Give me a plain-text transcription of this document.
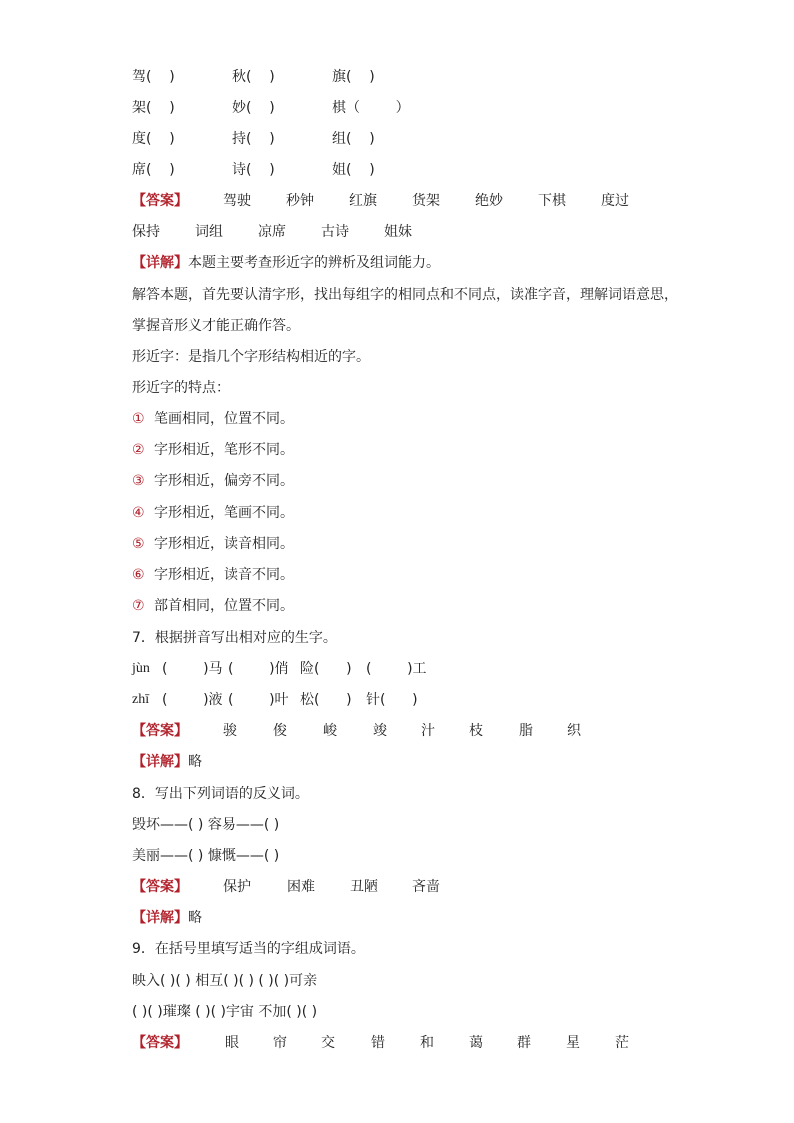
驾(    )	秋(    )	旗(    )
架(    )	妙(    )	棋（        ）
度(    )	持(    )	组(    )
席(    )	诗(    )	姐(    )
【答案】	驾驶	秒钟	红旗	货架	绝妙	下棋	度过
保持	词组	凉席	古诗	姐妹
【详解】本题主要考查形近字的辨析及组词能力。
解答本题，首先要认清字形，找出每组字的相同点和不同点，读准字音，理解词语意思，
掌握音形义才能正确作答。
形近字：是指几个字形结构相近的字。
形近字的特点：
① 笔画相同，位置不同。
② 字形相近，笔形不同。
③ 字形相近，偏旁不同。
④ 字形相近，笔画不同。
⑤ 字形相近，读音相同。
⑥ 字形相近，读音不同。
⑦ 部首相同，位置不同。
7．根据拼音写出相对应的生字。
jùn (        )马 (        )俏 险(      ) (        )工
zhī (        )液 (        )叶 松(      ) 针(      )
【答案】	骏	俊	峻	竣 汁 枝	脂 织
【详解】略
8．写出下列词语的反义词。
毁坏——( ) 容易——( )
美丽——( ) 慷慨——( )
【答案】	保护	困难	丑陋 吝啬
【详解】略
9．在括号里填写适当的字组成词语。
映入( )( ) 相互( )( ) ( )( )可亲
( )( )璀璨 ( )( )宇宙 不加( )( )
【答案】	眼 帘 交	错	和	蔼 群	星	茫
